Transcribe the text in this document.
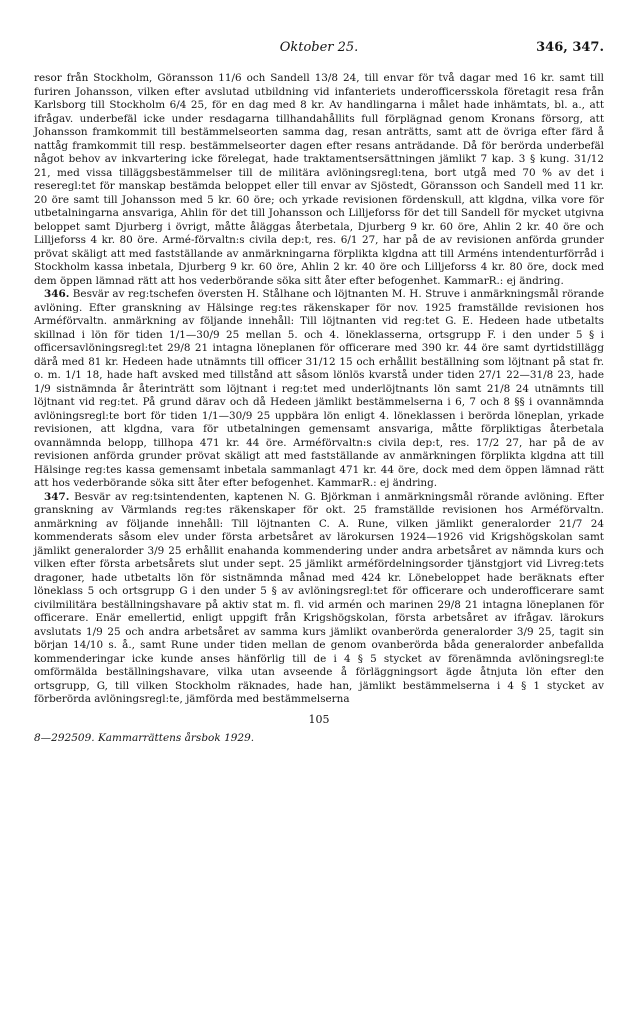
Oktober 25.	346, 347.

resor från Stockholm, Göransson 11/6 och Sandell 13/8 24, till envar för två dagar med 16 kr. samt till furiren Johansson, vilken efter avslutad utbildning vid infanteriets underofficersskola företagit resa från Karlsborg till Stockholm 6/4 25, för en dag med 8 kr. Av handlingarna i målet hade inhämtats, bl. a., att ifrågav. underbefäl icke under resdagarna tillhandahållits full förplägnad genom Kronans försorg, att Johansson framkommit till bestämmelseorten samma dag, resan anträtts, samt att de övriga efter färd å nattåg framkommit till resp. bestämmelseorter dagen efter resans anträdande. Då för berörda underbefäl något behov av inkvartering icke förelegat, hade traktamentsersättningen jämlikt 7 kap. 3 § kung. 31/12 21, med vissa tilläggsbestämmelser till de militära avlöningsregl:tena, bort utgå med 70 % av det i reseregl:tet för manskap bestämda beloppet eller till envar av Sjöstedt, Göransson och Sandell med 11 kr. 20 öre samt till Johansson med 5 kr. 60 öre; och yrkade revisionen fördenskull, att klgdna, vilka vore för utbetalningarna ansvariga, Ahlin för det till Johansson och Lilljeforss för det till Sandell för mycket utgivna beloppet samt Djurberg i övrigt, måtte åläggas återbetala, Djurberg 9 kr. 60 öre, Ahlin 2 kr. 40 öre och Lilljeforss 4 kr. 80 öre. Armé-förvaltn:s civila dep:t, res. 6/1 27, har på de av revisionen anförda grunder prövat skäligt att med fastställande av anmärkningarna förpliktа klgdna att till Arméns intendenturförråd i Stockholm kassa inbetala, Djurberg 9 kr. 60 öre, Ahlin 2 kr. 40 öre och Lilljeforss 4 kr. 80 öre, dock med dem öppen lämnad rätt att hos vederbörande söka sitt åter efter befogenhet. KammarR.: ej ändring.

346. Besvär av reg:tschefen översten H. Stålhane och löjtnanten M. H. Struve i anmärkningsmål rörande avlöning. Efter granskning av Hälsinge reg:tes räkenskaper för nov. 1925 framställde revisionen hos Arméförvaltn. anmärkning av följande innehåll: Till löjtnanten vid reg:tet G. E. Hedeen hade utbetalts skillnad i lön för tiden 1/1—30/9 25 mellan 5. och 4. löneklasserna, ortsgrupp F. i den under 5 § i officersavlöningsregl:tet 29/8 21 intagna löneplanen för officerare med 390 kr. 44 öre samt dyrtidstillägg därå med 81 kr. Hedeen hade utnämnts till officer 31/12 15 och erhållit beställning som löjtnant på stat fr. o. m. 1/1 18, hade haft avsked med tillstånd att såsom lönlös kvarstå under tiden 27/1 22—31/8 23, hade 1/9 sistnämnda år återinträtt som löjtnant i reg:tet med underlöjtnants lön samt 21/8 24 utnämnts till löjtnant vid reg:tet. På grund därav och då Hedeen jämlikt bestämmelserna i 6, 7 och 8 §§ i ovannämnda avlöningsregl:te bort för tiden 1/1—30/9 25 uppbära lön enligt 4. löneklassen i berörda löneplan, yrkade revisionen, att klgdna, vara för utbetalningen gemensamt ansvariga, måtte förpliktigas återbetala ovannämnda belopp, tillhopa 471 kr. 44 öre. Arméförvaltn:s civila dep:t, res. 17/2 27, har på de av revisionen anförda grunder prövat skäligt att med fastställande av anmärkningen förpliktа klgdna att till Hälsinge reg:tes kassa gemensamt inbetala sammanlagt 471 kr. 44 öre, dock med dem öppen lämnad rätt att hos vederbörande söka sitt åter efter befogenhet. KammarR.: ej ändring.

347. Besvär av reg:tsintendenten, kaptenen N. G. Björkman i anmärkningsmål rörande avlöning. Efter granskning av Värmlands reg:tes räkenskaper för okt. 25 framställde revisionen hos Arméförvaltn. anmärkning av följande innehåll: Till löjtnanten C. A. Rune, vilken jämlikt generalorder 21/7 24 kommenderats såsom elev under första arbetsåret av lärokursen 1924—1926 vid Krigshögskolan samt jämlikt generalorder 3/9 25 erhållit enahanda kommendering under andra arbetsåret av nämnda kurs och vilken efter första arbetsårets slut under sept. 25 jämlikt arméfördelningsorder tjänstgjort vid Livreg:tets dragoner, hade utbetalts lön för sistnämnda månad med 424 kr. Lönebeloppet hade beräknats efter löneklass 5 och ortsgrupp G i den under 5 § av avlöningsregl:tet för officerare och underofficerare samt civilmilitära beställningshavare på aktiv stat m. fl. vid armén och marinen 29/8 21 intagna löneplanen för officerare. Enär emellertid, enligt uppgift från Krigshögskolan, första arbetsåret av ifrågav. lärokurs avslutats 1/9 25 och andra arbetsåret av samma kurs jämlikt ovanberörda generalorder 3/9 25, tagit sin början 14/10 s. å., samt Rune under tiden mellan de genom ovanberörda båda generalorder anbefallda kommenderingar icke kunde anses hänförlig till de i 4 § 5 stycket av förenämnda avlöningsregl:te omförmälda beställningshavare, vilka utan avseende å förläggningsort ägde åtnjuta lön efter den ortsgrupp, G, till vilken Stockholm räknades, hade han, jämlikt bestämmelserna i 4 § 1 stycket av förberörda avlöningsregl:te, jämförda med bestämmelserna

105
8—292509. Kammarrättens årsbok 1929.
